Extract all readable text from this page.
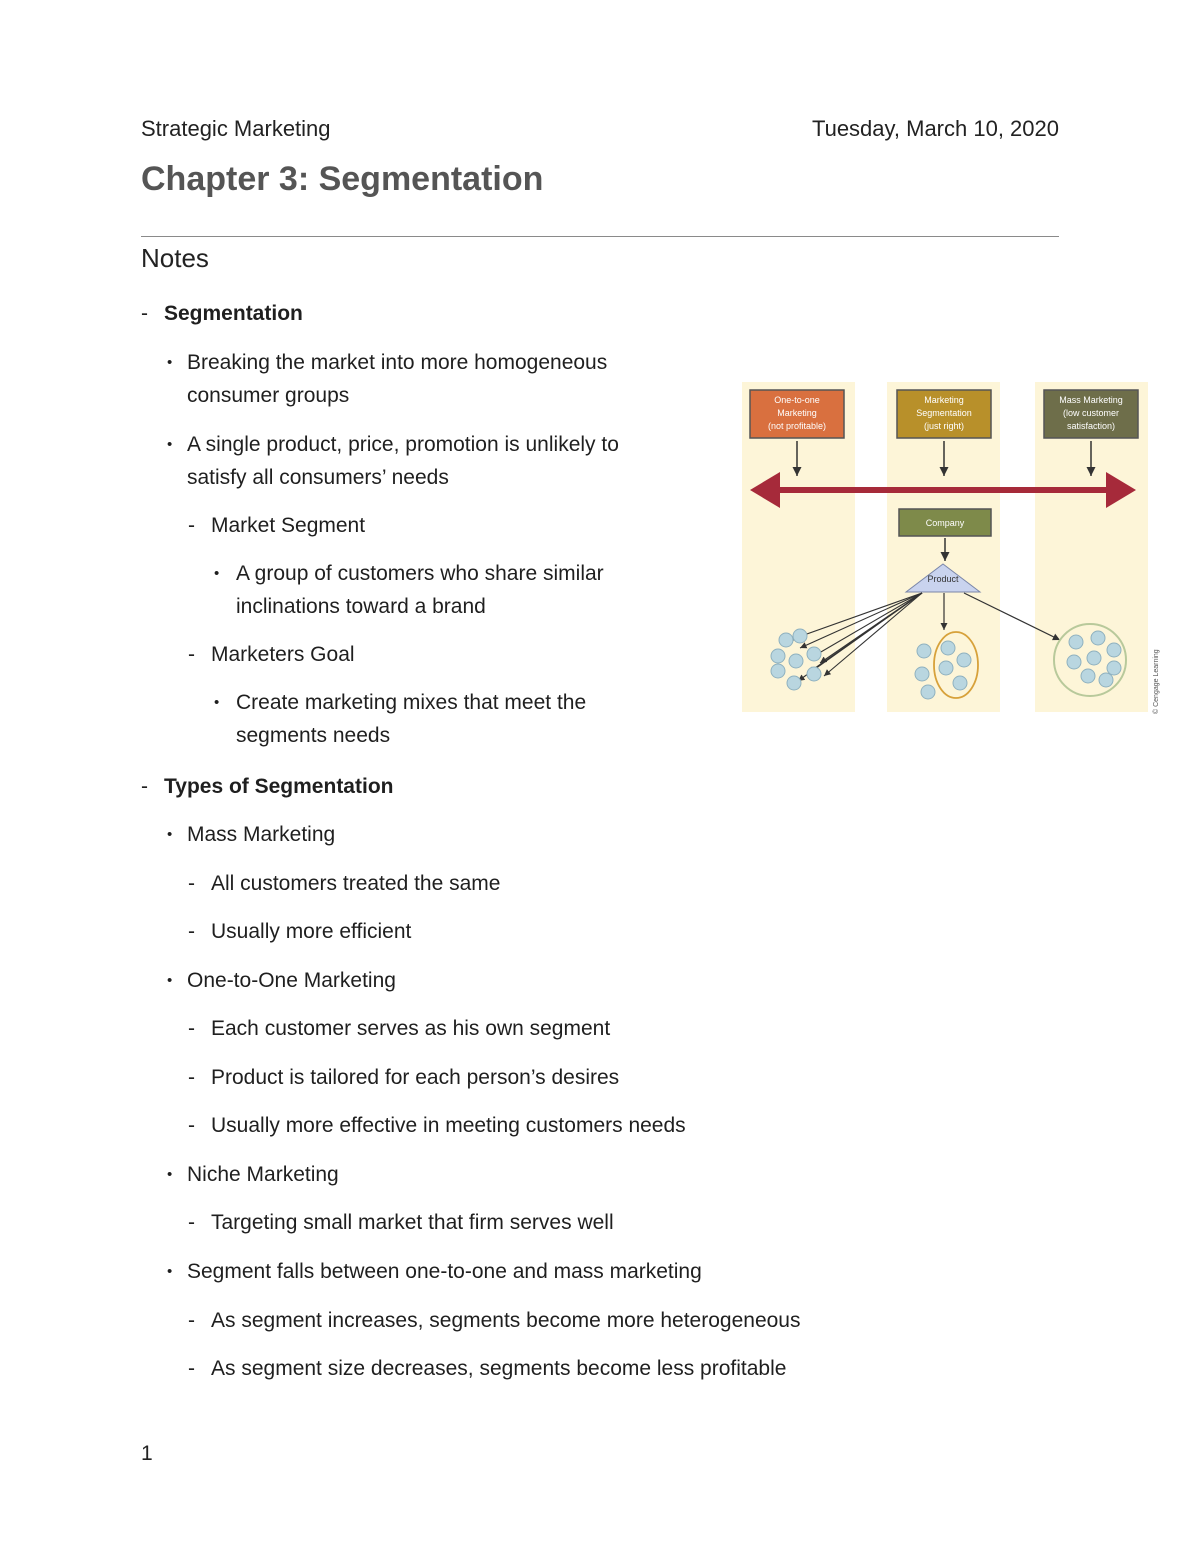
Strategic Marketing	Tuesday, March 10, 2020
Chapter 3: Segmentation
Notes
- Segmentation
• Breaking the market into more homogeneous
consumer groups
• A single product, price, promotion is unlikely to
satisfy all consumers’ needs
- Market Segment
• A group of customers who share similar
inclinations toward a brand
- Marketers Goal
• Create marketing mixes that meet the
segments needs
- Types of Segmentation
• Mass Marketing
- All customers treated the same
- Usually more efficient
• One-to-One Marketing
- Each customer serves as his own segment
- Product is tailored for each person’s desires
- Usually more effective in meeting customers needs
• Niche Marketing
- Targeting small market that firm serves well
• Segment falls between one-to-one and mass marketing
- As segment increases, segments become more heterogeneous
- As segment size decreases, segments become less profitable
One-to-one
Marketing
(not profitable)
Marketing
Segmentation
(just right)
Mass Marketing
(low customer
satisfaction)
Company
Product
© Cengage Learning
1
